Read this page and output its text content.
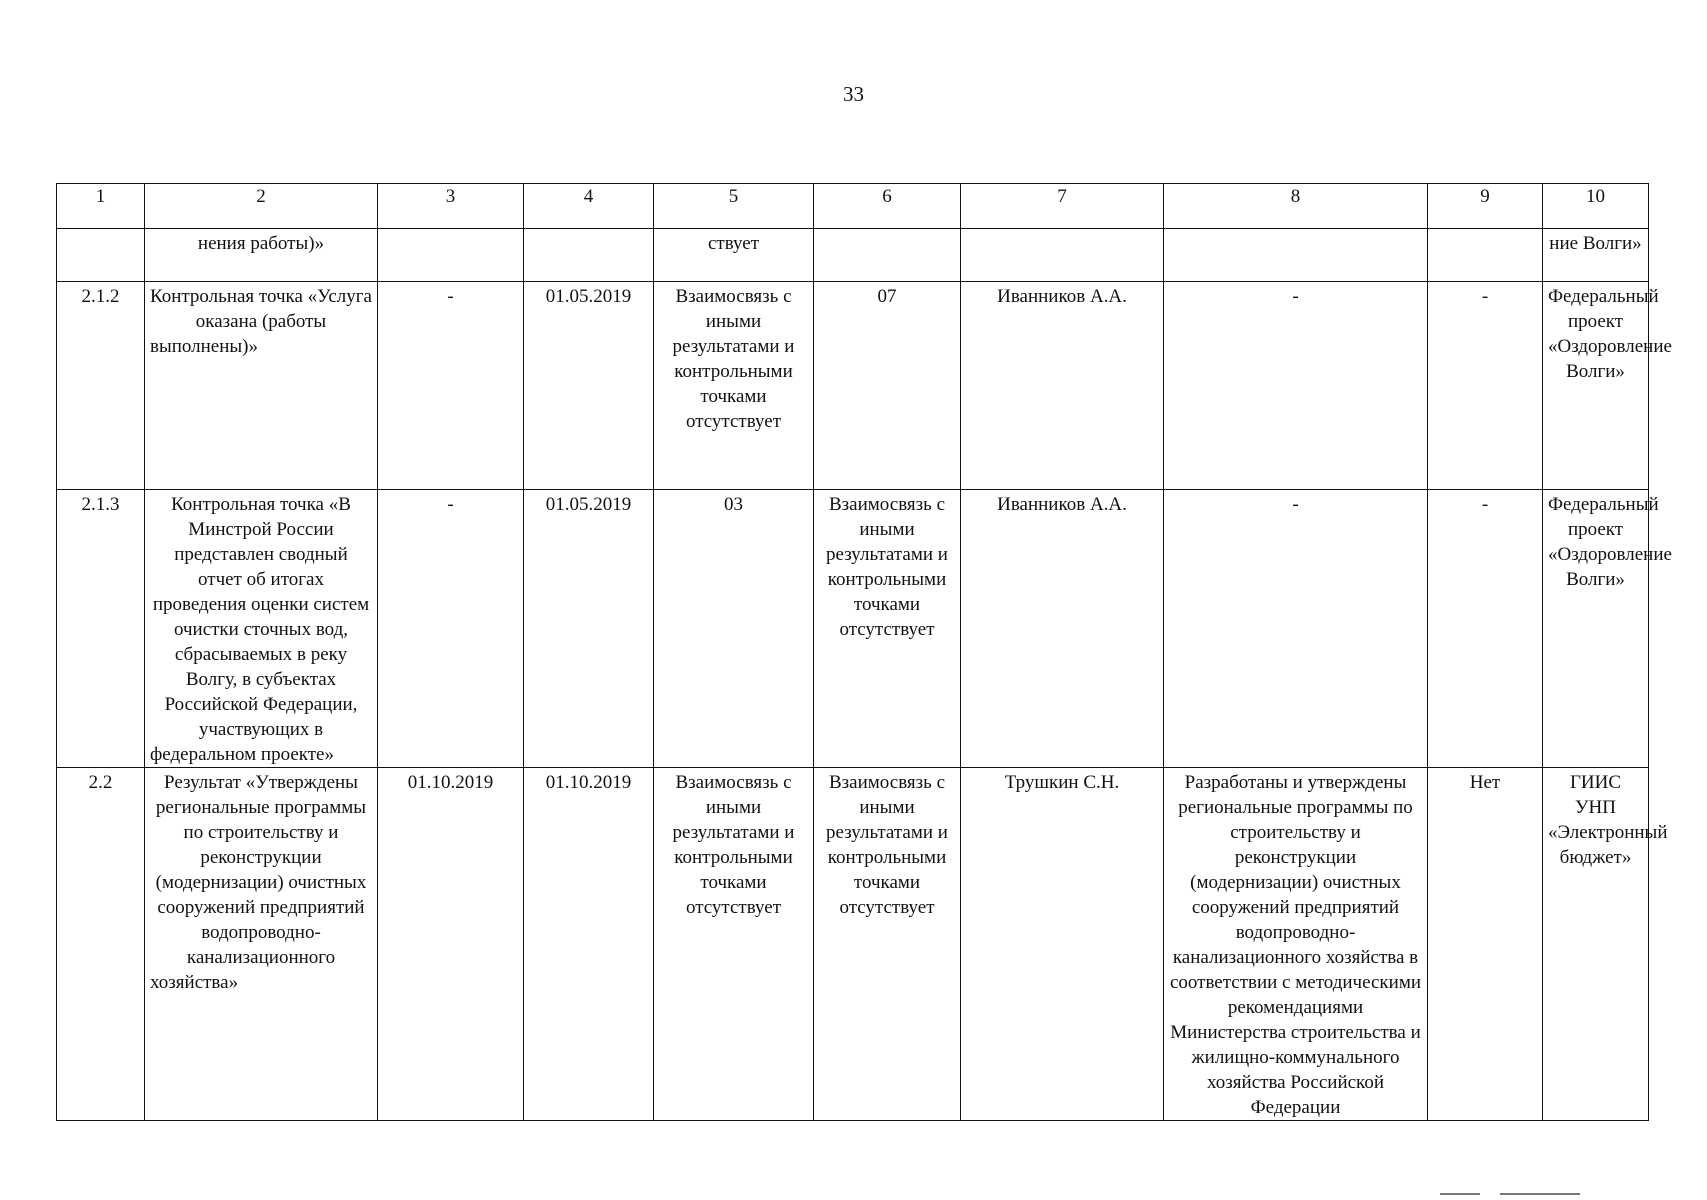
33
1	2	3	4	5	6	7	8	9	10
	нения работы)»			ствует					ние Волги»
2.1.2	Контрольная точка «Услуга оказана (работы выполнены)»	-	01.05.2019	Взаимосвязь с иными результатами и контрольными точками отсутствует	07	Иванников А.А.	-	-	Федеральный проект «Оздоровление Волги»
2.1.3	Контрольная точка «В Минстрой России представлен сводный отчет об итогах проведения оценки систем очистки сточных вод, сбрасываемых в реку Волгу, в субъектах Российской Федерации, участвующих в федеральном проекте»	-	01.05.2019	03	Взаимосвязь с иными результатами и контрольными точками отсутствует	Иванников А.А.	-	-	Федеральный проект «Оздоровление Волги»
2.2	Результат «Утверждены региональные программы по строительству и реконструкции (модернизации) очистных сооружений предприятий водопроводно-канализационного хозяйства»	01.10.2019	01.10.2019	Взаимосвязь с иными результатами и контрольными точками отсутствует	Взаимосвязь с иными результатами и контрольными точками отсутствует	Трушкин С.Н.	Разработаны и утверждены региональные программы по строительству и реконструкции (модернизации) очистных сооружений предприятий водопроводно-канализационного хозяйства в соответствии с методическими рекомендациями Министерства строительства и жилищно-коммунального хозяйства Российской Федерации	Нет	ГИИС УНП «Электронный бюджет»
